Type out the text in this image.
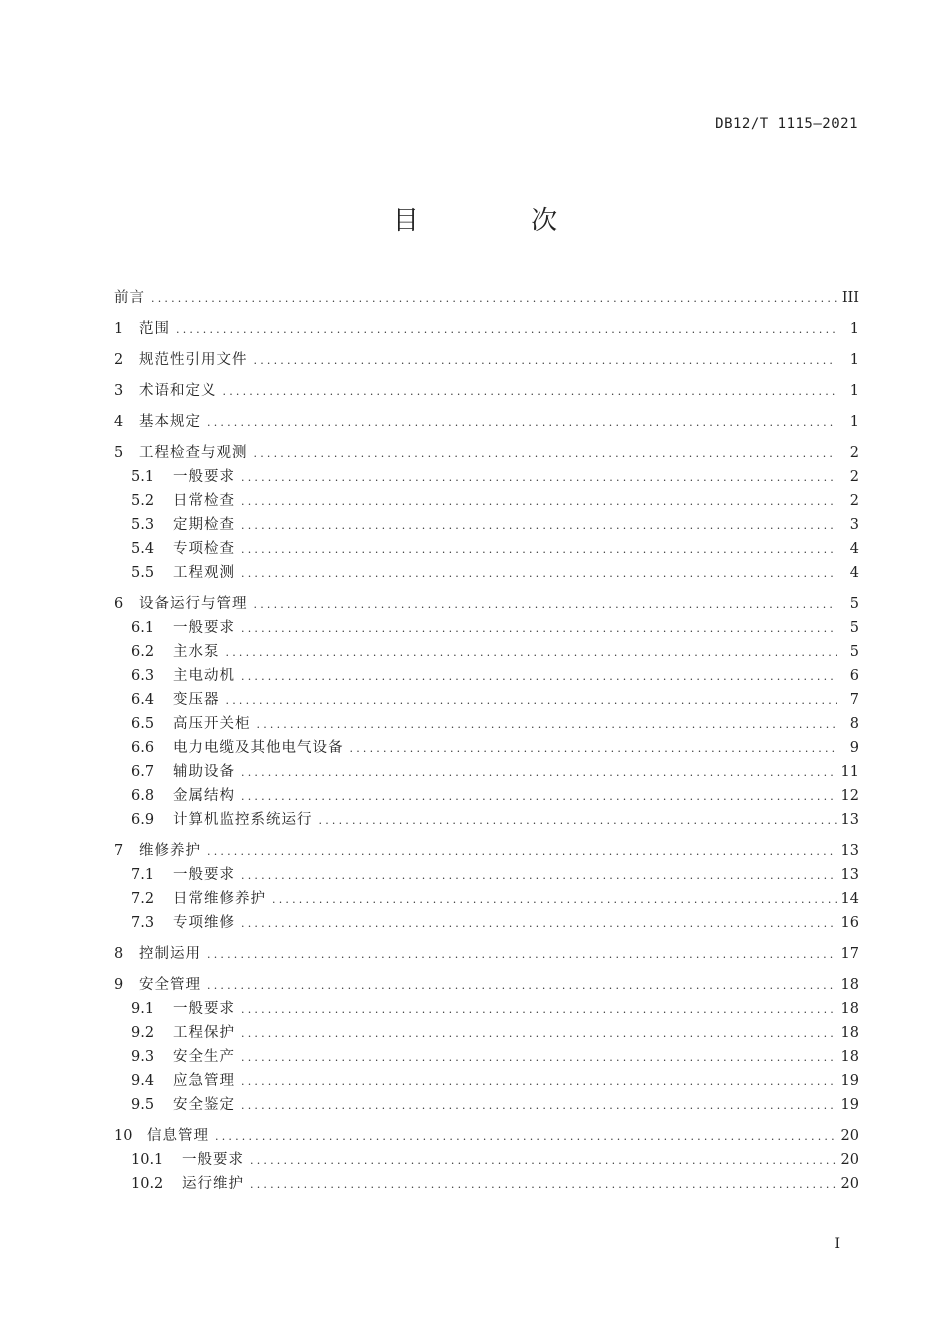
DB12/T 1115—2021
目 次
前言 .....	III
1	范围 .....	1
2	规范性引用文件 .....	1
3	术语和定义 .....	1
4	基本规定 .....	1
5	工程检查与观测 .....	2
5.1	一般要求 .....	2
5.2	日常检查 .....	2
5.3	定期检查 .....	3
5.4	专项检查 .....	4
5.5	工程观测 .....	4
6	设备运行与管理 .....	5
6.1	一般要求 .....	5
6.2	主水泵 .....	5
6.3	主电动机 .....	6
6.4	变压器 .....	7
6.5	高压开关柜 .....	8
6.6	电力电缆及其他电气设备 .....	9
6.7	辅助设备 .....	11
6.8	金属结构 .....	12
6.9	计算机监控系统运行 .....	13
7	维修养护 .....	13
7.1	一般要求 .....	13
7.2	日常维修养护 .....	14
7.3	专项维修 .....	16
8	控制运用 .....	17
9	安全管理 .....	18
9.1	一般要求 .....	18
9.2	工程保护 .....	18
9.3	安全生产 .....	18
9.4	应急管理 .....	19
9.5	安全鉴定 .....	19
10	信息管理 .....	20
10.1	一般要求 .....	20
10.2	运行维护 .....	20
I
